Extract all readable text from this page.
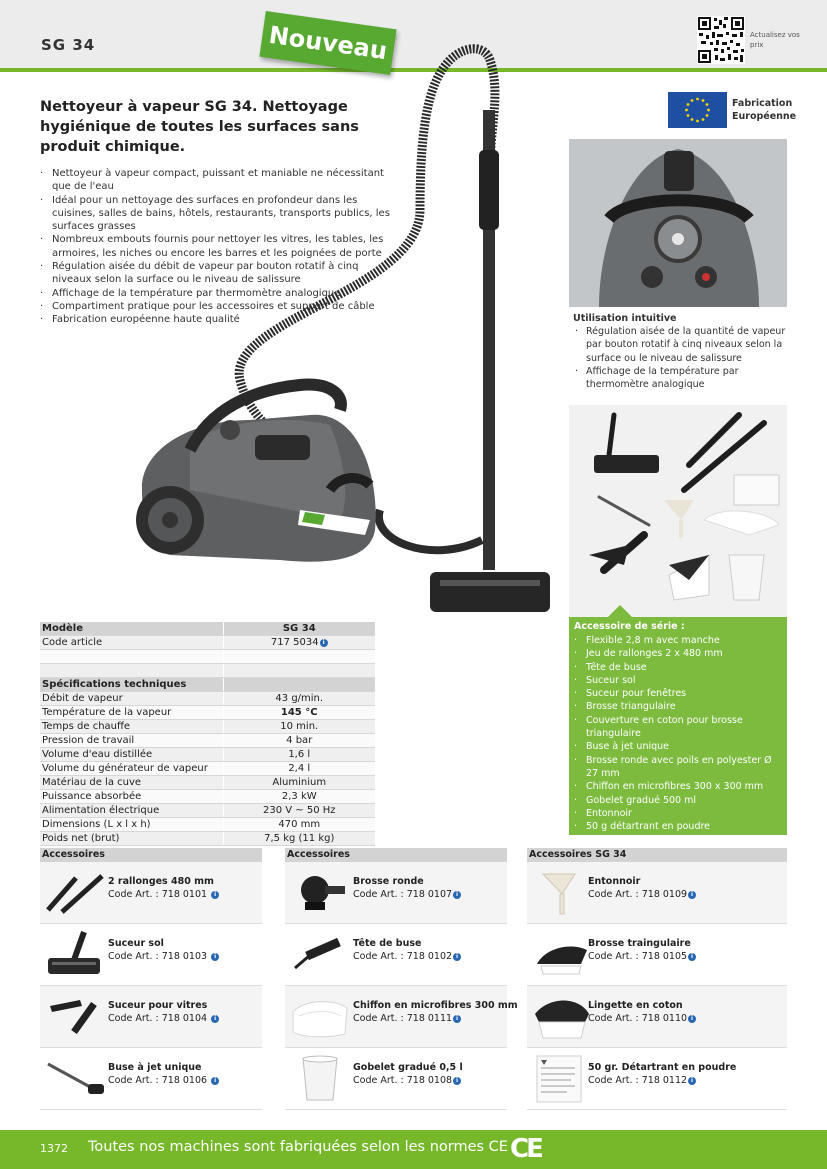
SG 34	Nouveau	Actualisez vos prix
Nettoyeur à vapeur SG 34. Nettoyage hygiénique de toutes les surfaces sans produit chimique.
· Nettoyeur à vapeur compact, puissant et maniable ne nécessitant que de l'eau
· Idéal pour un nettoyage des surfaces en profondeur dans les cuisines, salles de bains, hôtels, restaurants, transports publics, les surfaces grasses
· Nombreux embouts fournis pour nettoyer les vitres, les tables, les armoires, les niches ou encore les barres et les poignées de porte
· Régulation aisée du débit de vapeur par bouton rotatif à cinq niveaux selon la surface ou le niveau de salissure
· Affichage de la température par thermomètre analogique
· Compartiment pratique pour les accessoires et support de câble
· Fabrication européenne haute qualité
Fabrication
Européenne
Utilisation intuitive
· Régulation aisée de la quantité de vapeur par bouton rotatif à cinq niveaux selon la surface ou le niveau de salissure
· Affichage de la température par thermomètre analogique
Accessoire de série :
· Flexible 2,8 m avec manche
· Jeu de rallonges 2 x 480 mm
· Tête de buse
· Suceur sol
· Suceur pour fenêtres
· Brosse triangulaire
· Couverture en coton pour brosse triangulaire
· Buse à jet unique
· Brosse ronde avec poils en polyester Ø 27 mm
· Chiffon en microfibres 300 x 300 mm
· Gobelet gradué 500 ml
· Entonnoir
· 50 g détartrant en poudre
Modèle	SG 34
Code article	717 5034 i

Spécifications techniques	
Débit de vapeur	43 g/min.
Température de la vapeur	145 °C
Temps de chauffe	10 min.
Pression de travail	4 bar
Volume d'eau distillée	1,6 l
Volume du générateur de vapeur	2,4 l
Matériau de la cuve	Aluminium
Puissance absorbée	2,3 kW
Alimentation électrique	230 V ~ 50 Hz
Dimensions (L x l x h)	470 mm
Poids net (brut)	7,5 kg (11 kg)
Accessoires
2 rallonges 480 mm
Code Art. : 718 0101 i
Suceur sol
Code Art. : 718 0103 i
Suceur pour vitres
Code Art. : 718 0104 i
Buse à jet unique
Code Art. : 718 0106 i
Accessoires
Brosse ronde
Code Art. : 718 0107 i
Tête de buse
Code Art. : 718 0102 i
Chiffon en microfibres 300 mm
Code Art. : 718 0111 i
Gobelet gradué 0,5 l
Code Art. : 718 0108 i
Accessoires SG 34
Entonnoir
Code Art. : 718 0109 i
Brosse traingulaire
Code Art. : 718 0105 i
Lingette en coton
Code Art. : 718 0110 i
50 gr. Détartrant en poudre
Code Art. : 718 0112 i
1372 Toutes nos machines sont fabriquées selon les normes CE CE
